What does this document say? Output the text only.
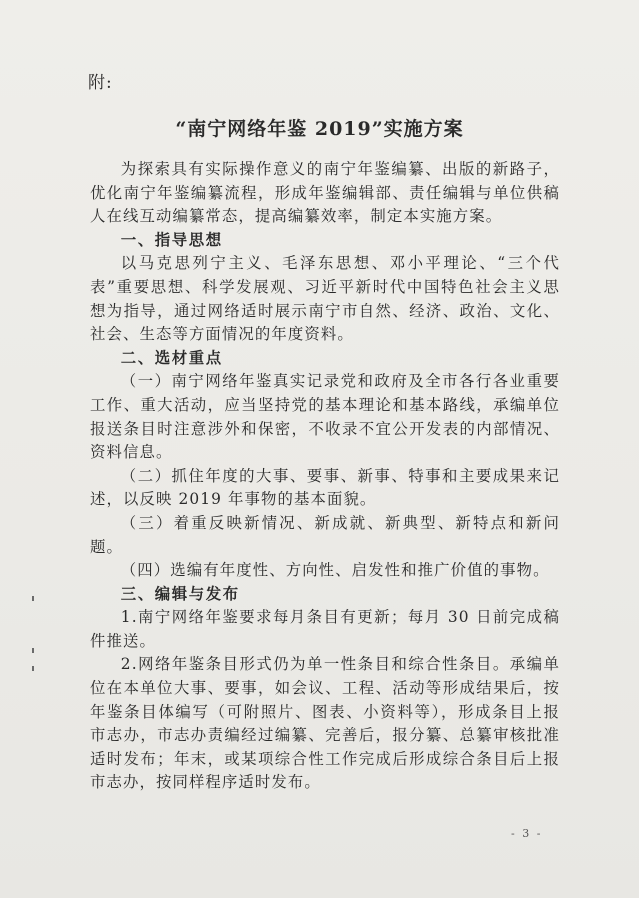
附:
“南宁网络年鉴 2019”实施方案

为探索具有实际操作意义的南宁年鉴编纂、出版的新路子，优化南宁年鉴编纂流程，形成年鉴编辑部、责任编辑与单位供稿人在线互动编纂常态，提高编纂效率，制定本实施方案。

一、指导思想

以马克思列宁主义、毛泽东思想、邓小平理论、“三个代表”重要思想、科学发展观、习近平新时代中国特色社会主义思想为指导，通过网络适时展示南宁市自然、经济、政治、文化、社会、生态等方面情况的年度资料。

二、选材重点

（一）南宁网络年鉴真实记录党和政府及全市各行各业重要工作、重大活动，应当坚持党的基本理论和基本路线，承编单位报送条目时注意涉外和保密，不收录不宜公开发表的内部情况、资料信息。

（二）抓住年度的大事、要事、新事、特事和主要成果来记述，以反映 2019 年事物的基本面貌。

（三）着重反映新情况、新成就、新典型、新特点和新问题。

（四）选编有年度性、方向性、启发性和推广价值的事物。

三、编辑与发布

1.南宁网络年鉴要求每月条目有更新；每月 30 日前完成稿件推送。

2.网络年鉴条目形式仍为单一性条目和综合性条目。承编单位在本单位大事、要事，如会议、工程、活动等形成结果后，按年鉴条目体编写（可附照片、图表、小资料等），形成条目上报市志办，市志办责编经过编纂、完善后，报分纂、总纂审核批准适时发布；年末，或某项综合性工作完成后形成综合条目后上报市志办，按同样程序适时发布。

- 3 -
